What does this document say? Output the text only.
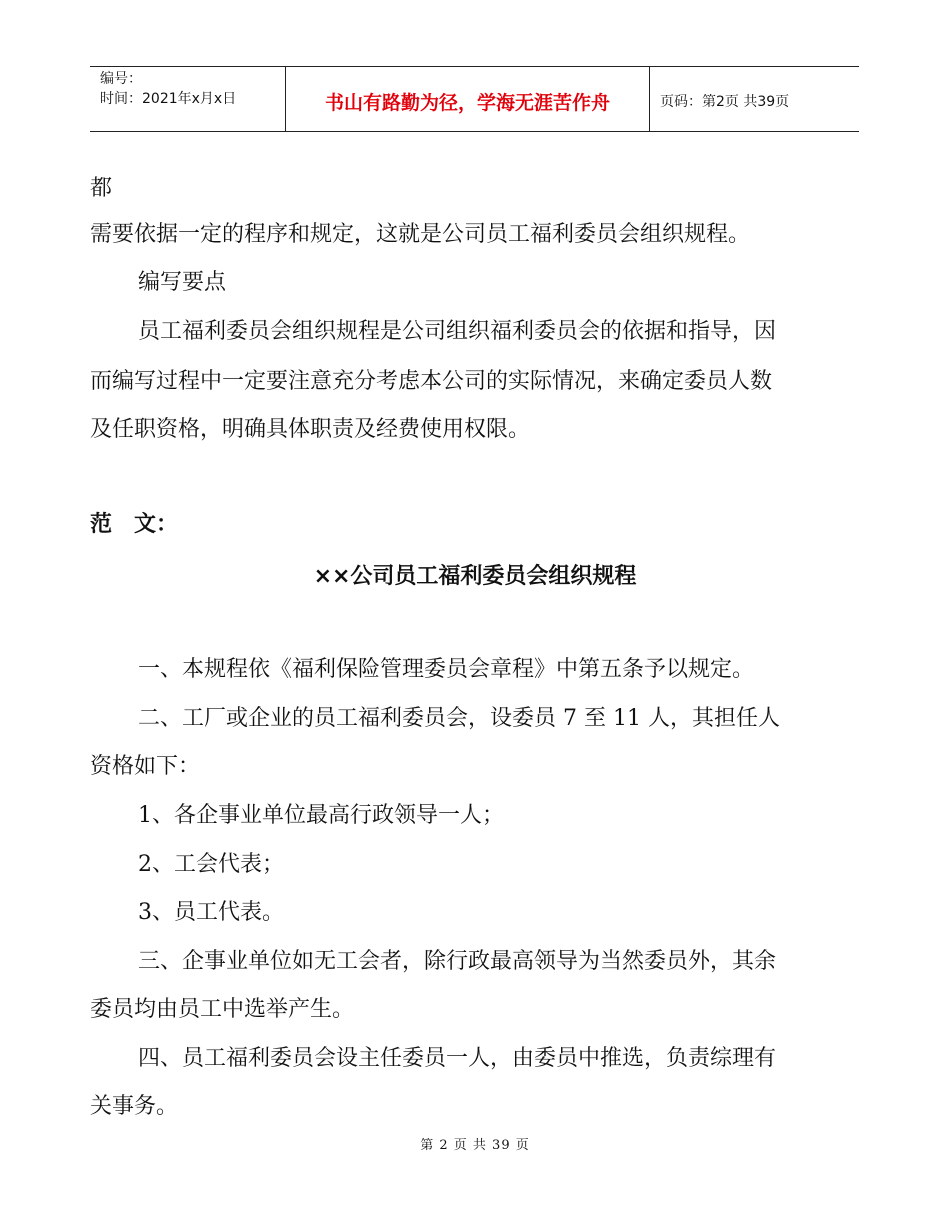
编号：
时间：2021年x月x日	书山有路勤为径，学海无涯苦作舟	页码：第2页 共39页
都
需要依据一定的程序和规定，这就是公司员工福利委员会组织规程。
编写要点
员工福利委员会组织规程是公司组织福利委员会的依据和指导，因
而编写过程中一定要注意充分考虑本公司的实际情况，来确定委员人数
及任职资格，明确具体职责及经费使用权限。
范　文：
××公司员工福利委员会组织规程
一、本规程依《福利保险管理委员会章程》中第五条予以规定。
二、工厂或企业的员工福利委员会，设委员 7 至 11 人，其担任人
资格如下：
1、各企事业单位最高行政领导一人；
2、工会代表；
3、员工代表。
三、企事业单位如无工会者，除行政最高领导为当然委员外，其余
委员均由员工中选举产生。
四、员工福利委员会设主任委员一人，由委员中推选，负责综理有
关事务。
第 2 页 共 39 页
